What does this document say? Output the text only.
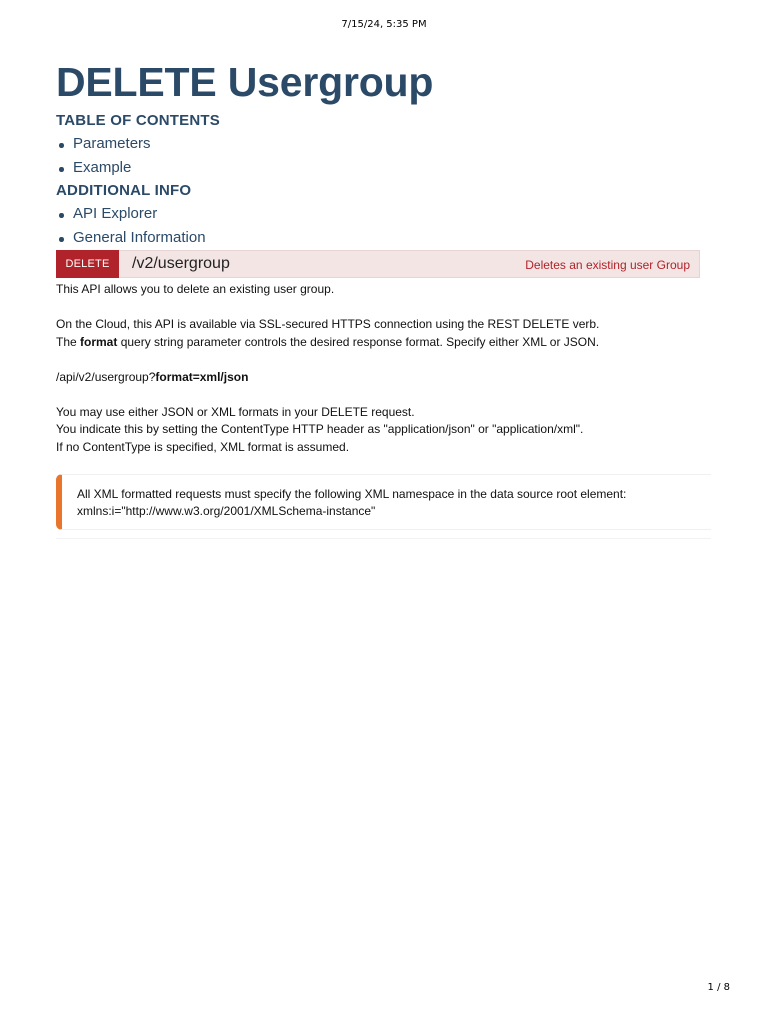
7/15/24, 5:35 PM
DELETE Usergroup
TABLE OF CONTENTS
Parameters
Example
ADDITIONAL INFO
API Explorer
General Information
DELETE	/v2/usergroup	Deletes an existing user Group

This API allows you to delete an existing user group.

On the Cloud, this API is available via SSL-secured HTTPS connection using the REST DELETE verb.

The format query string parameter controls the desired response format. Specify either XML or JSON.

/api/v2/usergroup?format=xml/json

You may use either JSON or XML formats in your DELETE request.

You indicate this by setting the ContentType HTTP header as "application/json" or "application/xml".

If no ContentType is specified, XML format is assumed.

All XML formatted requests must specify the following XML namespace in the data source root element:
xmlns:i="http://www.w3.org/2001/XMLSchema-instance"
1 / 8
